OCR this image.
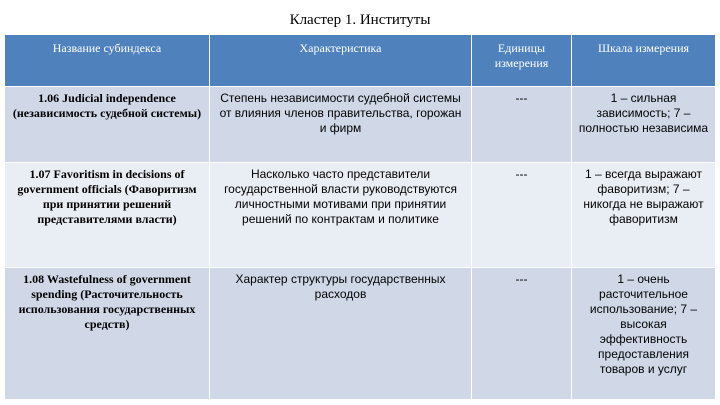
Кластер 1. Институты
Название субиндекса	Характеристика	Единицы измерения	Шкала измерения
1.06 Judicial independence (независимость судебной системы)	Степень независимости судебной системы от влияния членов правительства, горожан и фирм	---	1 – сильная зависимость; 7 – полностью независима
1.07 Favoritism in decisions of government officials (Фаворитизм при принятии решений представителями власти)	Насколько часто представители государственной власти руководствуются личностными мотивами при принятии решений по контрактам и политике	---	1 – всегда выражают фаворитизм; 7 – никогда не выражают фаворитизм
1.08 Wastefulness of government spending (Расточительность использования государственных средств)	Характер структуры государственных расходов	---	1 – очень расточительное использование; 7 – высокая эффективность предоставления товаров и услуг
